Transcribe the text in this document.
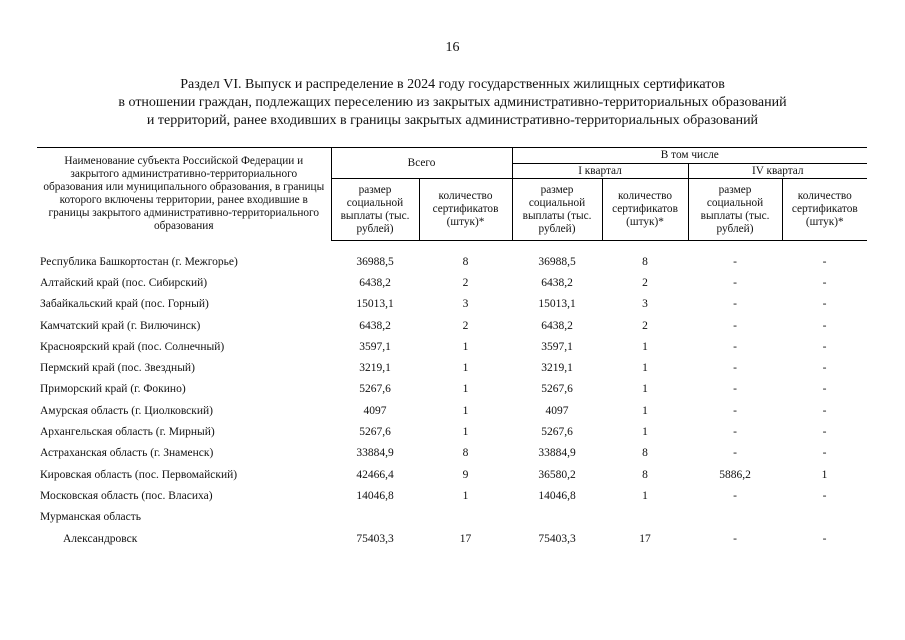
16
Раздел VI. Выпуск и распределение в 2024 году государственных жилищных сертификатов
в отношении граждан, подлежащих переселению из закрытых административно-территориальных образований
и территорий, ранее входивших в границы закрытых административно-территориальных образований
Наименование субъекта Российской Федерации и закрытого административно-территориального образования или муниципального образования, в границы которого включены территории, ранее входившие в границы закрытого административно-территориального образования	Всего		В том числе			
			I квартал		IV квартал	
	размер социальной выплаты (тыс. рублей)	количество сертификатов (штук)*	размер социальной выплаты (тыс. рублей)	количество сертификатов (штук)*	размер социальной выплаты (тыс. рублей)	количество сертификатов (штук)*
Республика Башкортостан (г. Межгорье)	36988,5	8	36988,5	8	-	-
Алтайский край (пос. Сибирский)	6438,2	2	6438,2	2	-	-
Забайкальский край (пос. Горный)	15013,1	3	15013,1	3	-	-
Камчатский край (г. Вилючинск)	6438,2	2	6438,2	2	-	-
Красноярский край (пос. Солнечный)	3597,1	1	3597,1	1	-	-
Пермский край (пос. Звездный)	3219,1	1	3219,1	1	-	-
Приморский край (г. Фокино)	5267,6	1	5267,6	1	-	-
Амурская область (г. Циолковский)	4097	1	4097	1	-	-
Архангельская область (г. Мирный)	5267,6	1	5267,6	1	-	-
Астраханская область (г. Знаменск)	33884,9	8	33884,9	8	-	-
Кировская область (пос. Первомайский)	42466,4	9	36580,2	8	5886,2	1
Московская область (пос. Власиха)	14046,8	1	14046,8	1	-	-
Мурманская область						
Александровск	75403,3	17	75403,3	17	-	-
